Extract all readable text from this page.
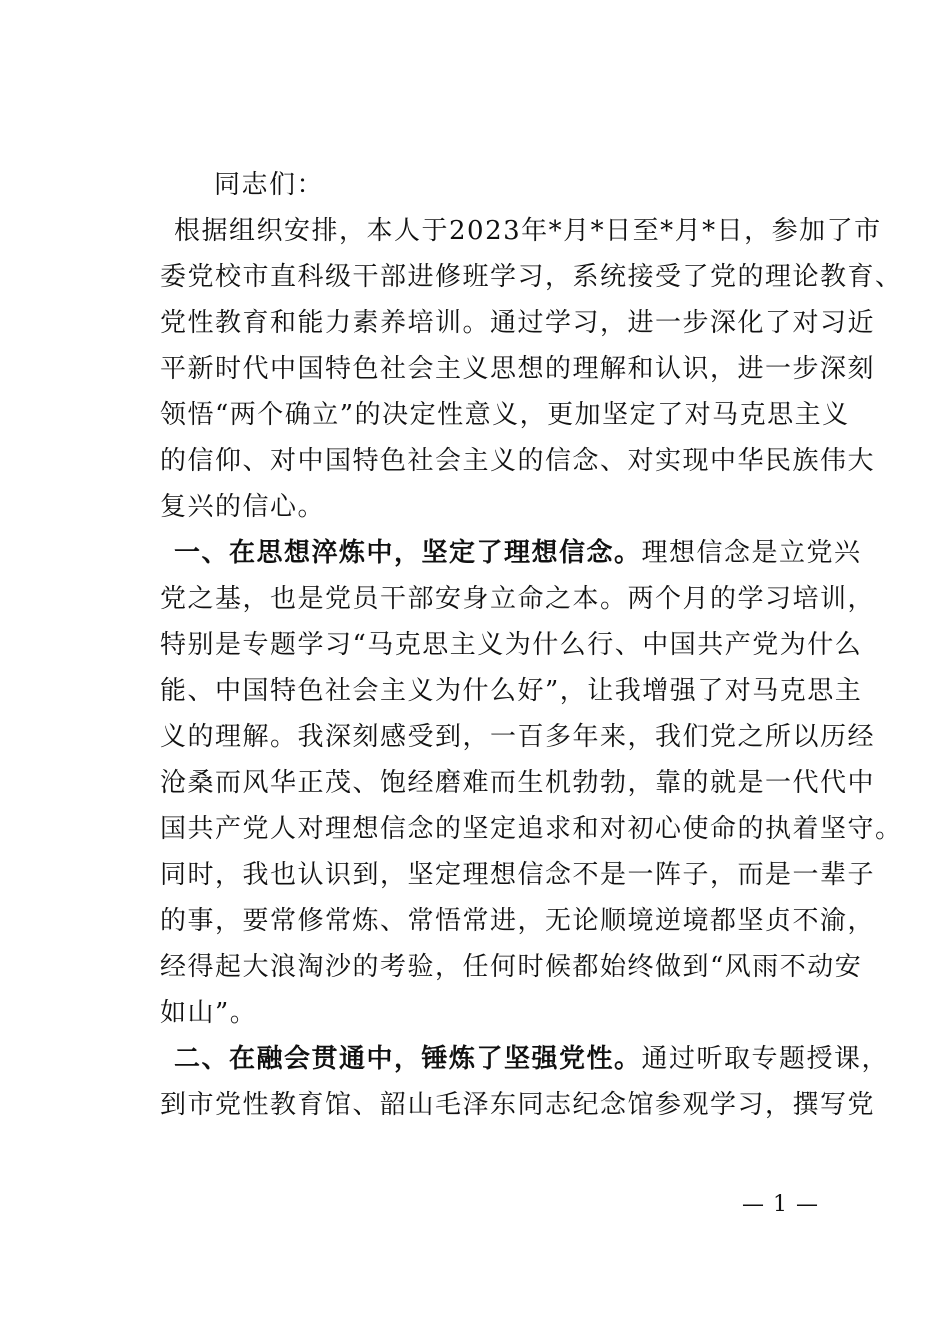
同志们：
根据组织安排，本人于2023年*月*日至*月*日，参加了市
委党校市直科级干部进修班学习，系统接受了党的理论教育、
党性教育和能力素养培训。通过学习，进一步深化了对习近
平新时代中国特色社会主义思想的理解和认识，进一步深刻
领悟“两个确立”的决定性意义，更加坚定了对马克思主义
的信仰、对中国特色社会主义的信念、对实现中华民族伟大
复兴的信心。
一、在思想淬炼中，坚定了理想信念。理想信念是立党兴
党之基，也是党员干部安身立命之本。两个月的学习培训，
特别是专题学习“马克思主义为什么行、中国共产党为什么
能、中国特色社会主义为什么好”，让我增强了对马克思主
义的理解。我深刻感受到，一百多年来，我们党之所以历经
沧桑而风华正茂、饱经磨难而生机勃勃，靠的就是一代代中
国共产党人对理想信念的坚定追求和对初心使命的执着坚守。
同时，我也认识到，坚定理想信念不是一阵子，而是一辈子
的事，要常修常炼、常悟常进，无论顺境逆境都坚贞不渝，
经得起大浪淘沙的考验，任何时候都始终做到“风雨不动安
如山”。
二、在融会贯通中，锤炼了坚强党性。通过听取专题授课，
到市党性教育馆、韶山毛泽东同志纪念馆参观学习，撰写党
— 1 —
